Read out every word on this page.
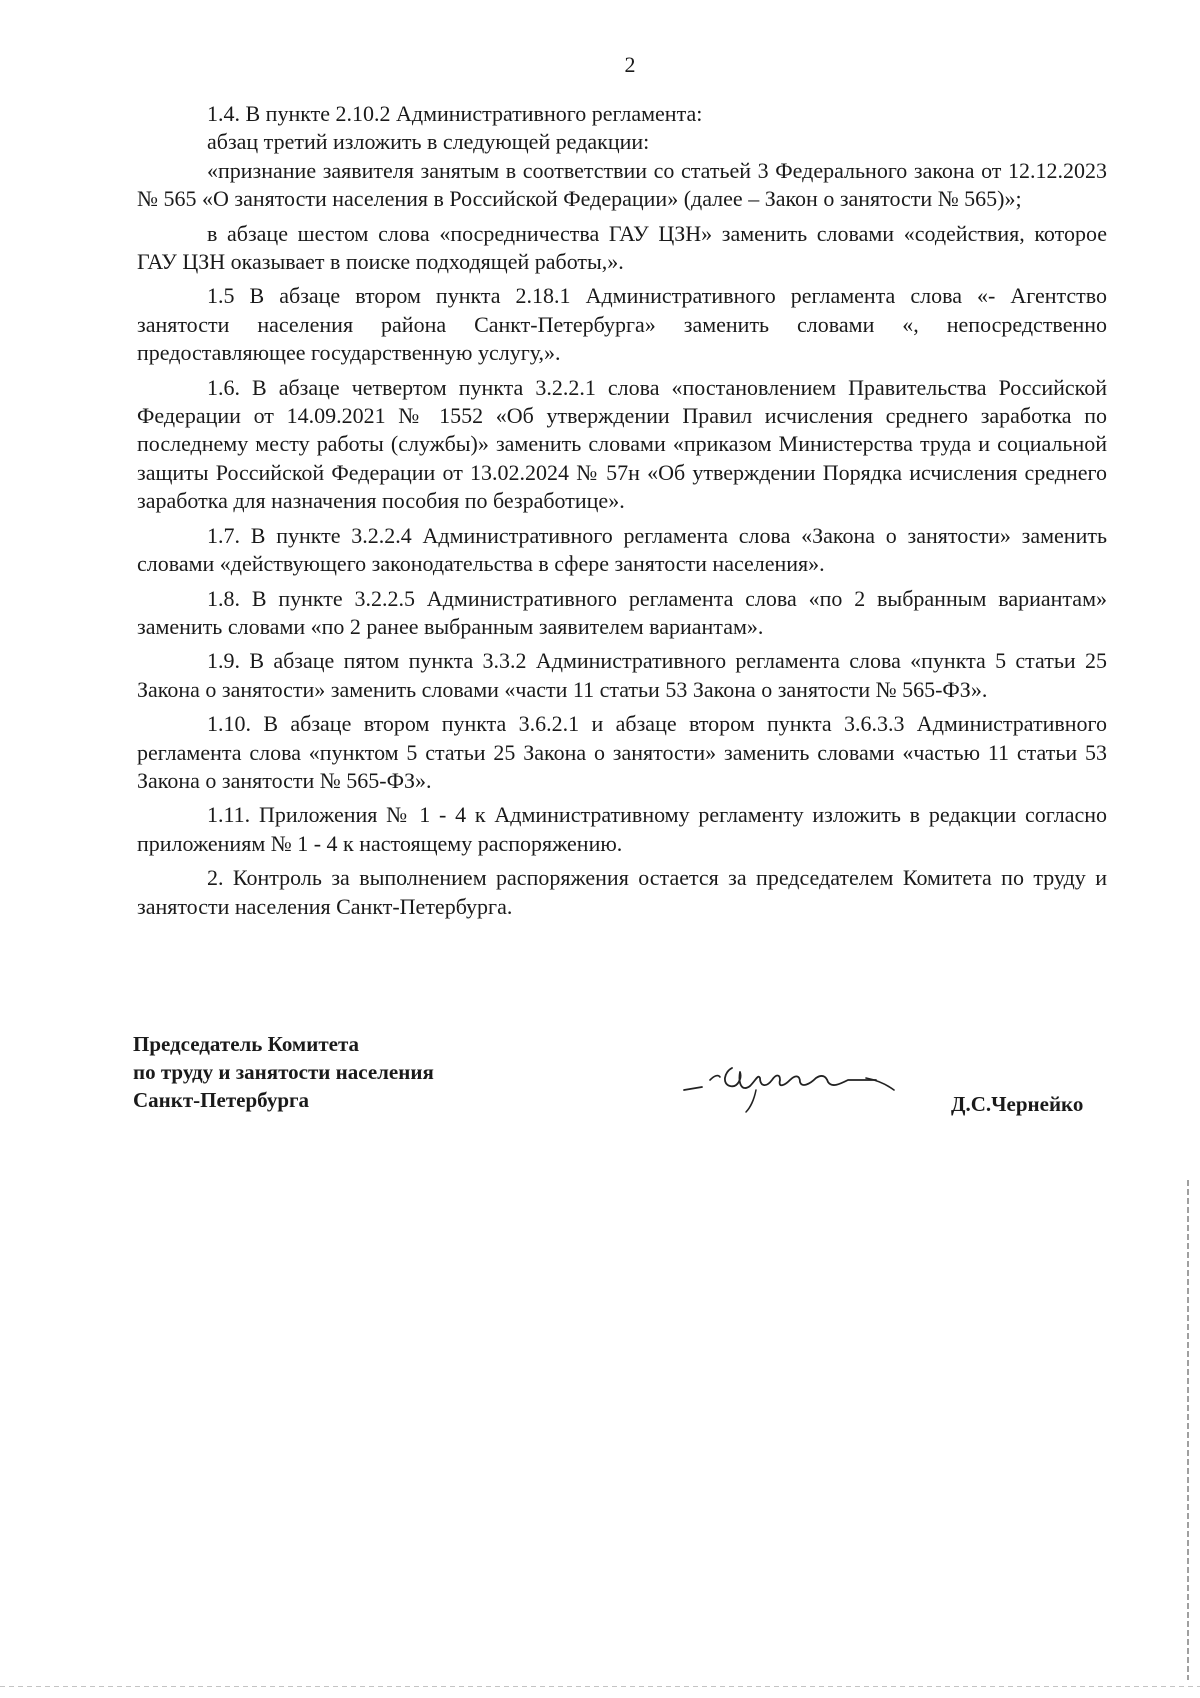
2

1.4. В пункте 2.10.2 Административного регламента:

абзац третий изложить в следующей редакции:

«признание заявителя занятым в соответствии со статьей 3 Федерального закона от 12.12.2023 № 565 «О занятости населения в Российской Федерации» (далее – Закон о занятости № 565)»;

в абзаце шестом слова «посредничества ГАУ ЦЗН» заменить словами «содействия, которое ГАУ ЦЗН оказывает в поиске подходящей работы,».

1.5 В абзаце втором пункта 2.18.1 Административного регламента слова «- Агентство занятости населения района Санкт-Петербурга» заменить словами «, непосредственно предоставляющее государственную услугу,».

1.6. В абзаце четвертом пункта 3.2.2.1 слова «постановлением Правительства Российской Федерации от 14.09.2021 № 1552 «Об утверждении Правил исчисления среднего заработка по последнему месту работы (службы)» заменить словами «приказом Министерства труда и социальной защиты Российской Федерации от 13.02.2024 № 57н «Об утверждении Порядка исчисления среднего заработка для назначения пособия по безработице».

1.7. В пункте 3.2.2.4 Административного регламента слова «Закона о занятости» заменить словами «действующего законодательства в сфере занятости населения».

1.8. В пункте 3.2.2.5 Административного регламента слова «по 2 выбранным вариантам» заменить словами «по 2 ранее выбранным заявителем вариантам».

1.9. В абзаце пятом пункта 3.3.2 Административного регламента слова «пункта 5 статьи 25 Закона о занятости» заменить словами «части 11 статьи 53 Закона о занятости № 565-ФЗ».

1.10. В абзаце втором пункта 3.6.2.1 и абзаце втором пункта 3.6.3.3 Административного регламента слова «пунктом 5 статьи 25 Закона о занятости» заменить словами «частью 11 статьи 53 Закона о занятости № 565-ФЗ».

1.11. Приложения № 1 - 4 к Административному регламенту изложить в редакции согласно приложениям № 1 - 4 к настоящему распоряжению.

2. Контроль за выполнением распоряжения остается за председателем Комитета по труду и занятости населения Санкт-Петербурга.

Председатель Комитета
по труду и занятости населения
Санкт-Петербурга	Д.С.Чернейко
